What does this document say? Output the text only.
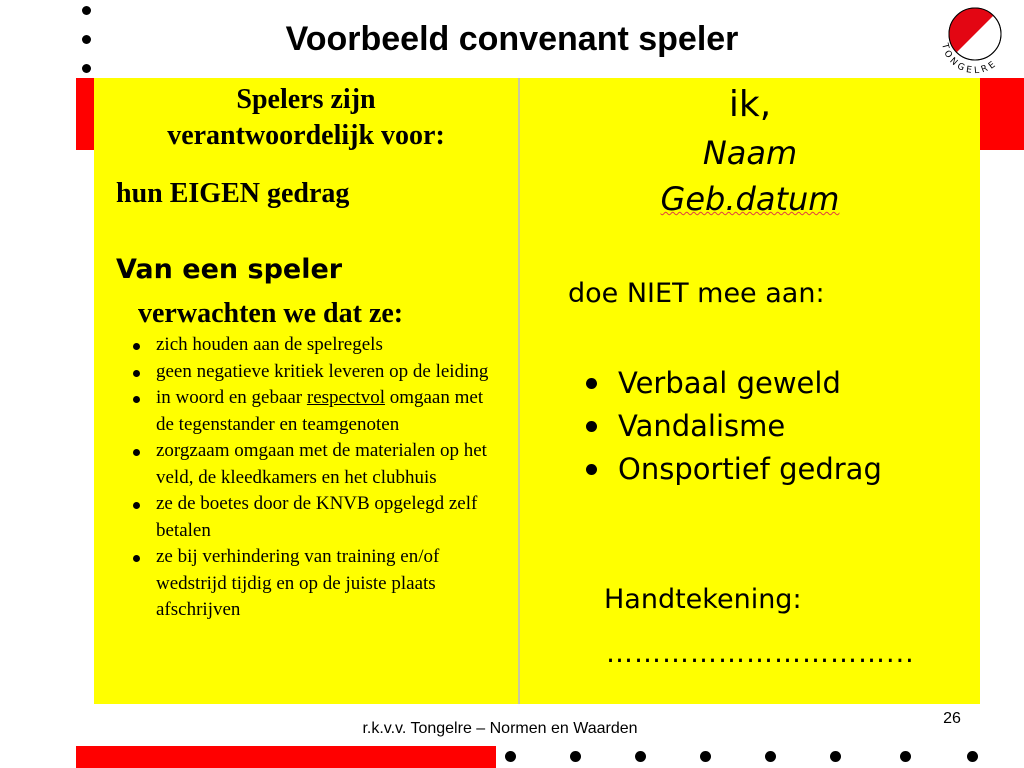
Voorbeeld convenant speler	TONGELRE
Spelers zijn
verantwoordelijk voor:
hun EIGEN gedrag
Van een speler
verwachten we dat ze:
zich houden aan de spelregels
geen negatieve kritiek leveren op de leiding
in woord en gebaar respectvol omgaan met de tegenstander en teamgenoten
zorgzaam omgaan met de materialen op het veld, de kleedkamers en het clubhuis
ze de boetes door de KNVB opgelegd zelf betalen
ze bij verhindering van training en/of wedstrijd tijdig en op de juiste plaats afschrijven
ik,
Naam
Geb.datum
doe NIET mee aan:
Verbaal geweld
Vandalisme
Onsportief gedrag
Handtekening:
…………………………...
26
r.k.v.v. Tongelre – Normen en Waarden
